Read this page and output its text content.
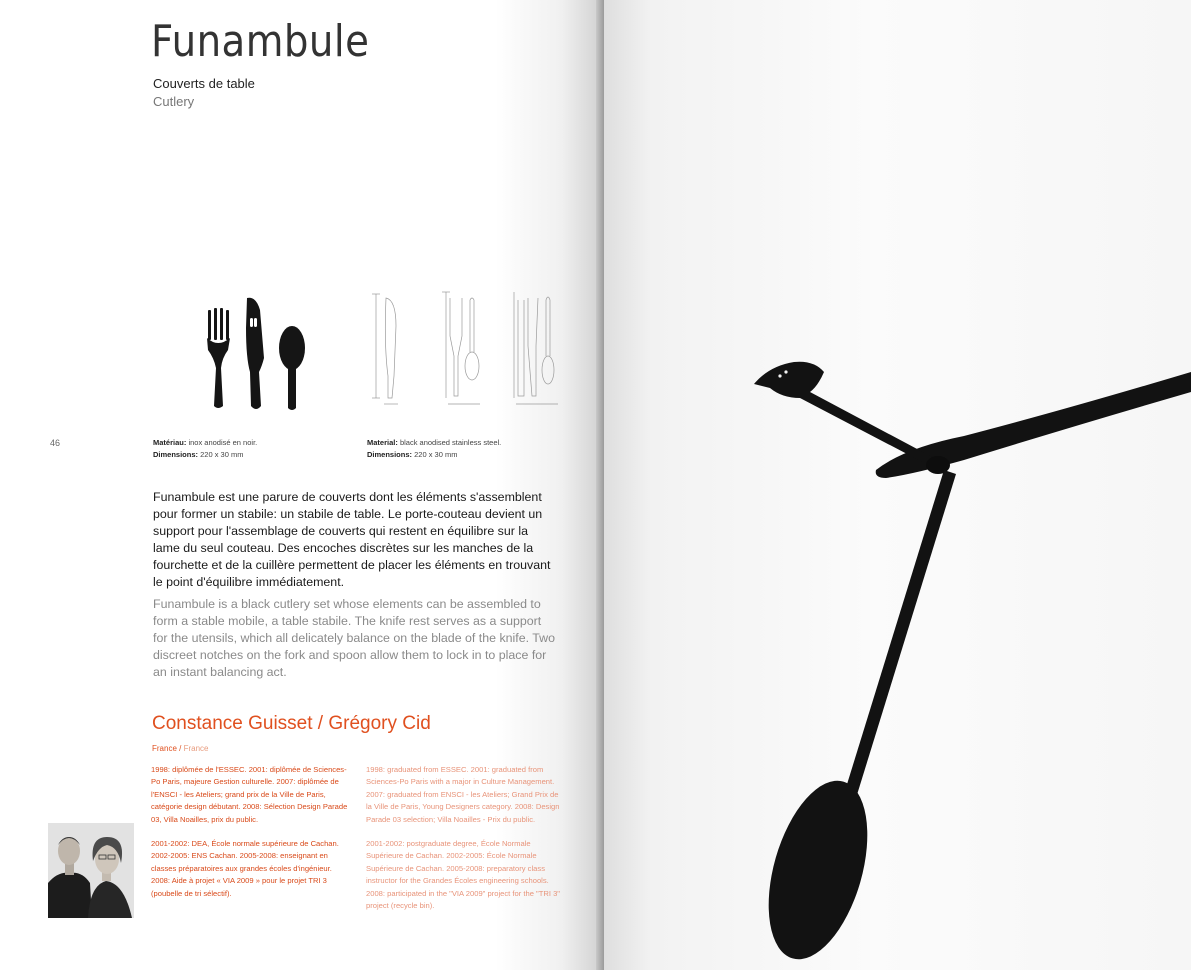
Funambule
Couverts de table
Cutlery
46	Matériau: inox anodisé en noir.
Dimensions: 220 x 30 mm
Material: black anodised stainless steel.
Dimensions: 220 x 30 mm
Funambule est une parure de couverts dont les éléments s'assemblent pour former un stabile: un stabile de table. Le porte-couteau devient un support pour l'assemblage de couverts qui restent en équilibre sur la lame du seul couteau. Des encoches discrètes sur les manches de la fourchette et de la cuillère permettent de placer les éléments en trouvant le point d'équilibre immédiatement.
Funambule is a black cutlery set whose elements can be assembled to form a stable mobile, a table stabile. The knife rest serves as a support for the utensils, which all delicately balance on the blade of the knife. Two discreet notches on the fork and spoon allow them to lock in to place for an instant balancing act.
Constance Guisset / Grégory Cid
France / France

1998: diplômée de l'ESSEC. 2001: diplômée de Sciences-Po Paris, majeure Gestion culturelle. 2007: diplômée de l'ENSCI - les Ateliers; grand prix de la Ville de Paris, catégorie design débutant. 2008: Sélection Design Parade 03, Villa Noailles, prix du public.

2001-2002: DEA, École normale supérieure de Cachan. 2002-2005: ENS Cachan. 2005-2008: enseignant en classes préparatoires aux grandes écoles d'ingénieur. 2008: Aide à projet « VIA 2009 » pour le projet TRI 3 (poubelle de tri sélectif).

1998: graduated from ESSEC. 2001: graduated from Sciences-Po Paris with a major in Culture Management. 2007: graduated from ENSCI - les Ateliers; Grand Prix de la Ville de Paris, Young Designers category. 2008: Design Parade 03 selection; Villa Noailles - Prix du public.

2001-2002: postgraduate degree, École Normale Supérieure de Cachan. 2002-2005: École Normale Supérieure de Cachan. 2005-2008: preparatory class instructor for the Grandes Écoles engineering schools. 2008: participated in the "VIA 2009" project for the "TRI 3" project (recycle bin).
